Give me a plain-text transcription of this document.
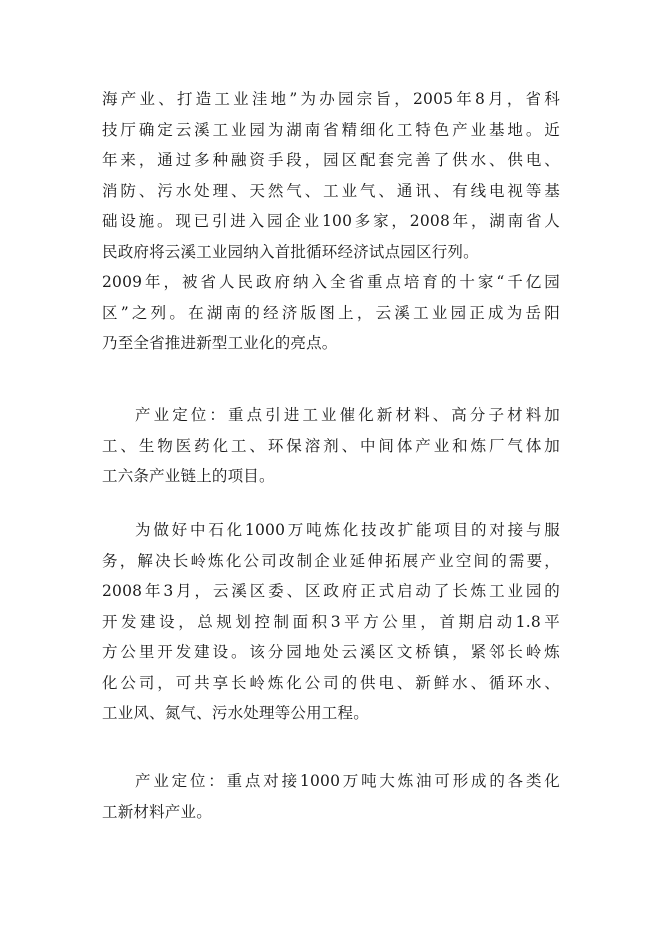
海产业、打造工业洼地”为办园宗旨，2005年8月，省科
技厅确定云溪工业园为湖南省精细化工特色产业基地。近
年来，通过多种融资手段，园区配套完善了供水、供电、
消防、污水处理、天然气、工业气、通讯、有线电视等基
础设施。现已引进入园企业100多家，2008年，湖南省人
民政府将云溪工业园纳入首批循环经济试点园区行列。
2009年，被省人民政府纳入全省重点培育的十家“千亿园
区”之列。在湖南的经济版图上，云溪工业园正成为岳阳
乃至全省推进新型工业化的亮点。
产业定位：重点引进工业催化新材料、高分子材料加
工、生物医药化工、环保溶剂、中间体产业和炼厂气体加
工六条产业链上的项目。
为做好中石化1000万吨炼化技改扩能项目的对接与服
务，解决长岭炼化公司改制企业延伸拓展产业空间的需要，
2008年3月，云溪区委、区政府正式启动了长炼工业园的
开发建设，总规划控制面积3平方公里，首期启动1.8平
方公里开发建设。该分园地处云溪区文桥镇，紧邻长岭炼
化公司，可共享长岭炼化公司的供电、新鲜水、循环水、
工业风、氮气、污水处理等公用工程。
产业定位：重点对接1000万吨大炼油可形成的各类化
工新材料产业。
